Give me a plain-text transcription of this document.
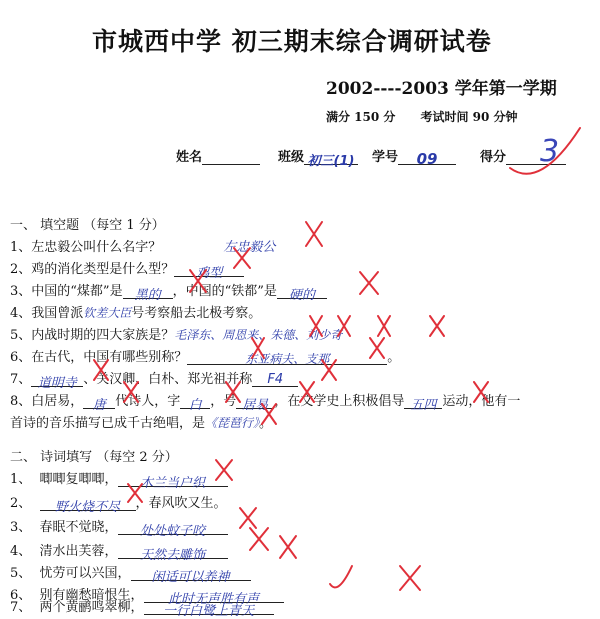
市城西中学 初三期末综合调研试卷
2002----2003 学年第一学期
满分 150 分 考试时间 90 分钟
姓名	班级 初三(1) 学号 09	得分	3
一、 填空题 （每空 1 分）
1、左忠毅公叫什么名字？	左忠毅公
2、鸡的消化类型是什么型？ 鸡型
3、中国的“煤都”是 黑的 ，中国的“铁都”是 硬的
4、我国曾派钦差大臣号考察船去北极考察。
5、内战时期的四大家族是？毛泽东、周恩来、朱德、刘少奇
6、在古代，中国有哪些别称？	东亚病夫、支那	。
7、 道明寺 、关汉卿、白朴、郑光祖并称 F4
8、白居易， 唐 代诗人，字 白 ，号 居易 ，在文学史上积极倡导 五四 运动，他有一
首诗的音乐描写已成千古绝唱，是《琵琶行》。
二、 诗词填写 （每空 2 分）
1、 唧唧复唧唧， 木兰当户织
2、 野火烧不尽 ，春风吹又生。
3、 春眠不觉晓， 处处蚊子咬
4、 清水出芙蓉， 天然去雕饰
5、 忧劳可以兴国， 闲适可以养神
6、 别有幽愁暗恨生， 此时无声胜有声
7、 两个黄鹂鸣翠柳， 一行白鹭上青天
